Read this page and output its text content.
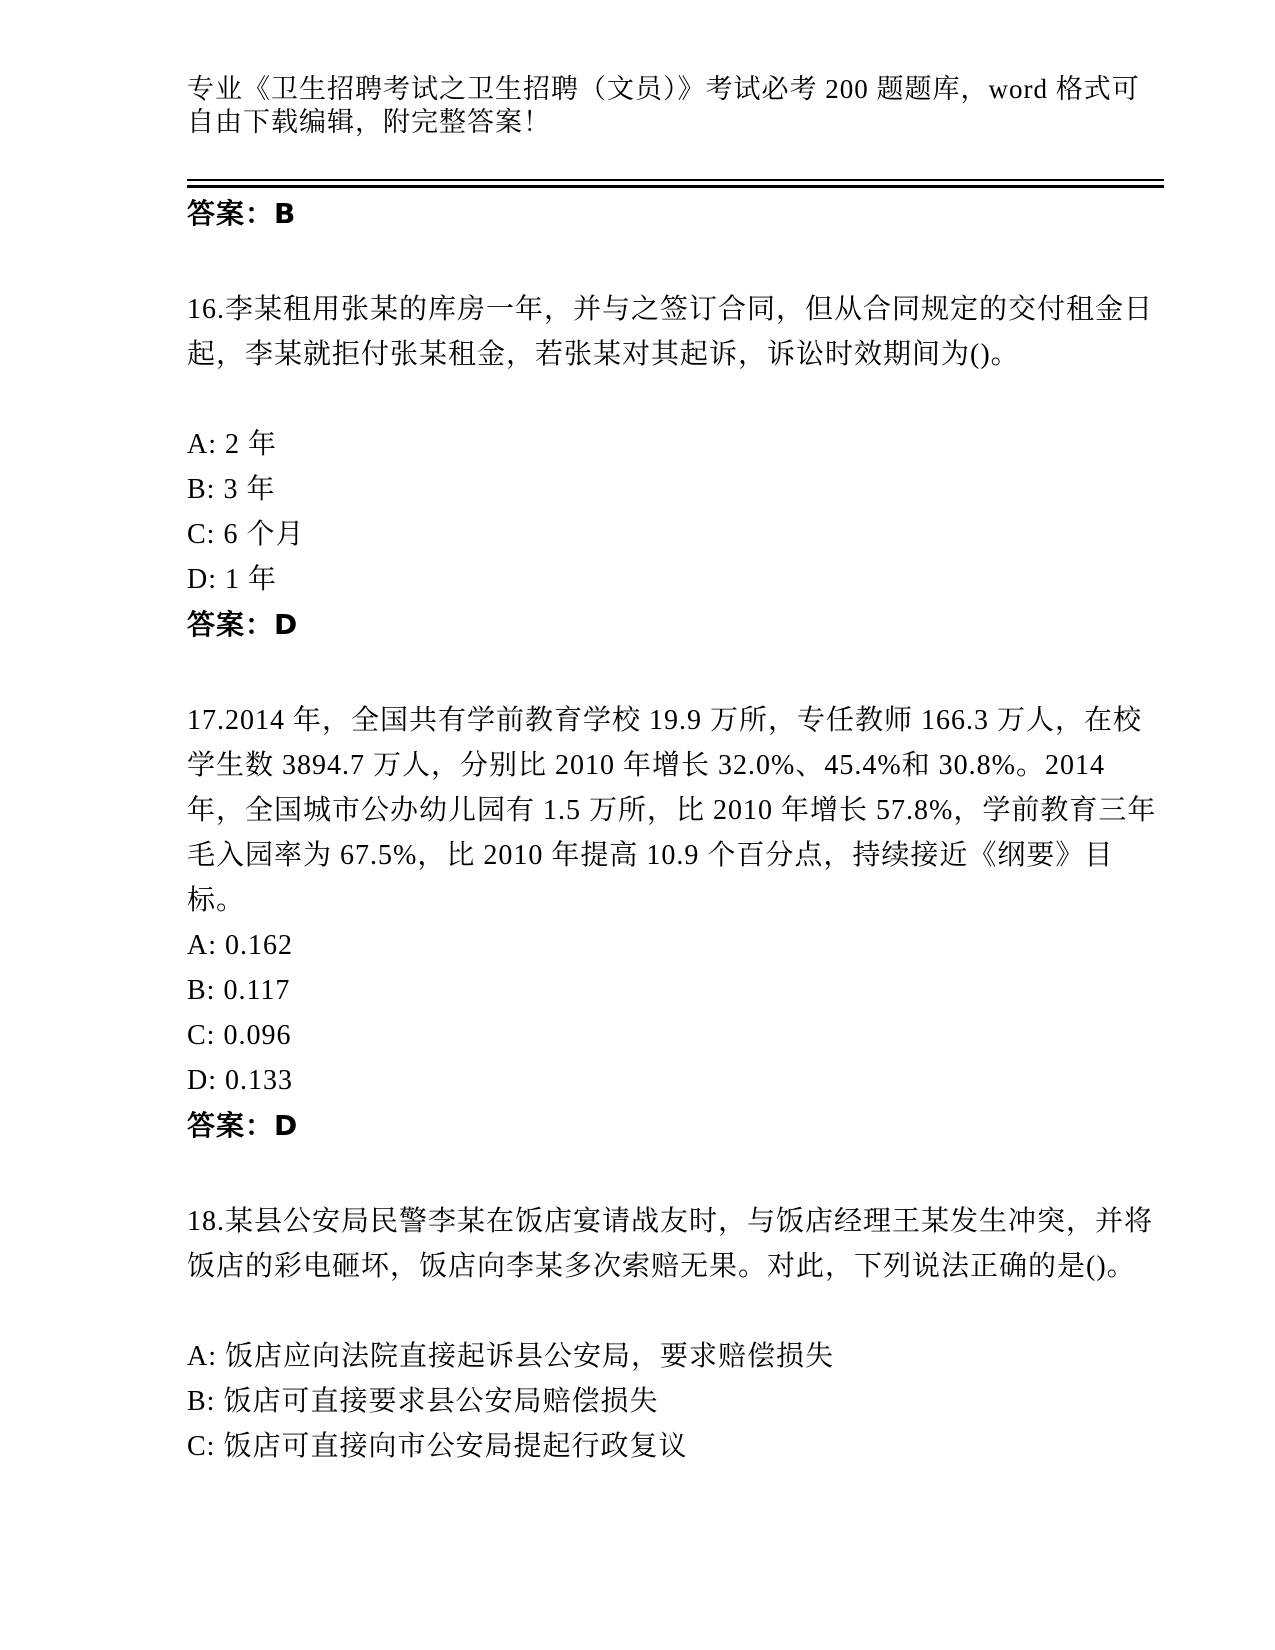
专业《卫生招聘考试之卫生招聘（文员）》考试必考 200 题题库，word 格式可自由下载编辑，附完整答案！

答案：B

16.李某租用张某的库房一年，并与之签订合同，但从合同规定的交付租金日起，李某就拒付张某租金，若张某对其起诉，诉讼时效期间为()。

A: 2 年

B: 3 年

C: 6 个月

D: 1 年

答案：D

17.2014 年，全国共有学前教育学校 19.9 万所，专任教师 166.3 万人，在校学生数 3894.7 万人，分别比 2010 年增长 32.0%、45.4%和 30.8%。2014 年，全国城市公办幼儿园有 1.5 万所，比 2010 年增长 57.8%，学前教育三年毛入园率为 67.5%，比 2010 年提高 10.9 个百分点，持续接近《纲要》目标。

A: 0.162

B: 0.117

C: 0.096

D: 0.133

答案：D

18.某县公安局民警李某在饭店宴请战友时，与饭店经理王某发生冲突，并将饭店的彩电砸坏，饭店向李某多次索赔无果。对此，下列说法正确的是()。

A: 饭店应向法院直接起诉县公安局，要求赔偿损失

B: 饭店可直接要求县公安局赔偿损失

C: 饭店可直接向市公安局提起行政复议
